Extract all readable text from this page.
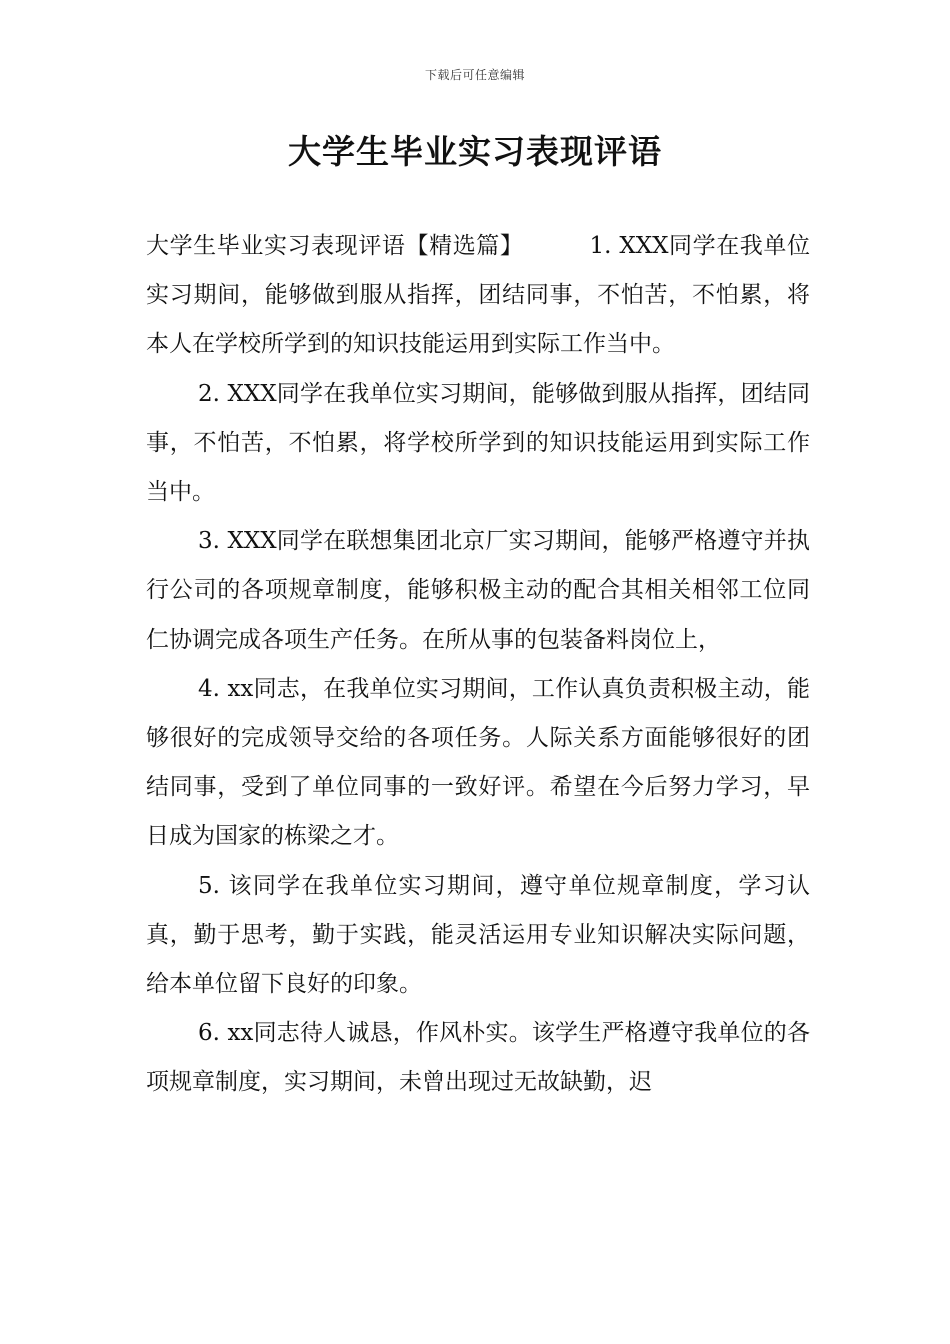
下载后可任意编辑
大学生毕业实习表现评语

大学生毕业实习表现评语【精选篇】	1. XXX同学在我单位实习期间，能够做到服从指挥，团结同事，不怕苦，不怕累，将本人在学校所学到的知识技能运用到实际工作当中。

2. XXX同学在我单位实习期间，能够做到服从指挥，团结同事，不怕苦，不怕累，将学校所学到的知识技能运用到实际工作当中。

3. XXX同学在联想集团北京厂实习期间，能够严格遵守并执行公司的各项规章制度，能够积极主动的配合其相关相邻工位同仁协调完成各项生产任务。在所从事的包装备料岗位上，

4. xx同志，在我单位实习期间，工作认真负责积极主动，能够很好的完成领导交给的各项任务。人际关系方面能够很好的团结同事，受到了单位同事的一致好评。希望在今后努力学习，早日成为国家的栋梁之才。

5. 该同学在我单位实习期间，遵守单位规章制度，学习认真，勤于思考，勤于实践，能灵活运用专业知识解决实际问题，给本单位留下良好的印象。

6. xx同志待人诚恳，作风朴实。该学生严格遵守我单位的各项规章制度，实习期间，未曾出现过无故缺勤，迟
